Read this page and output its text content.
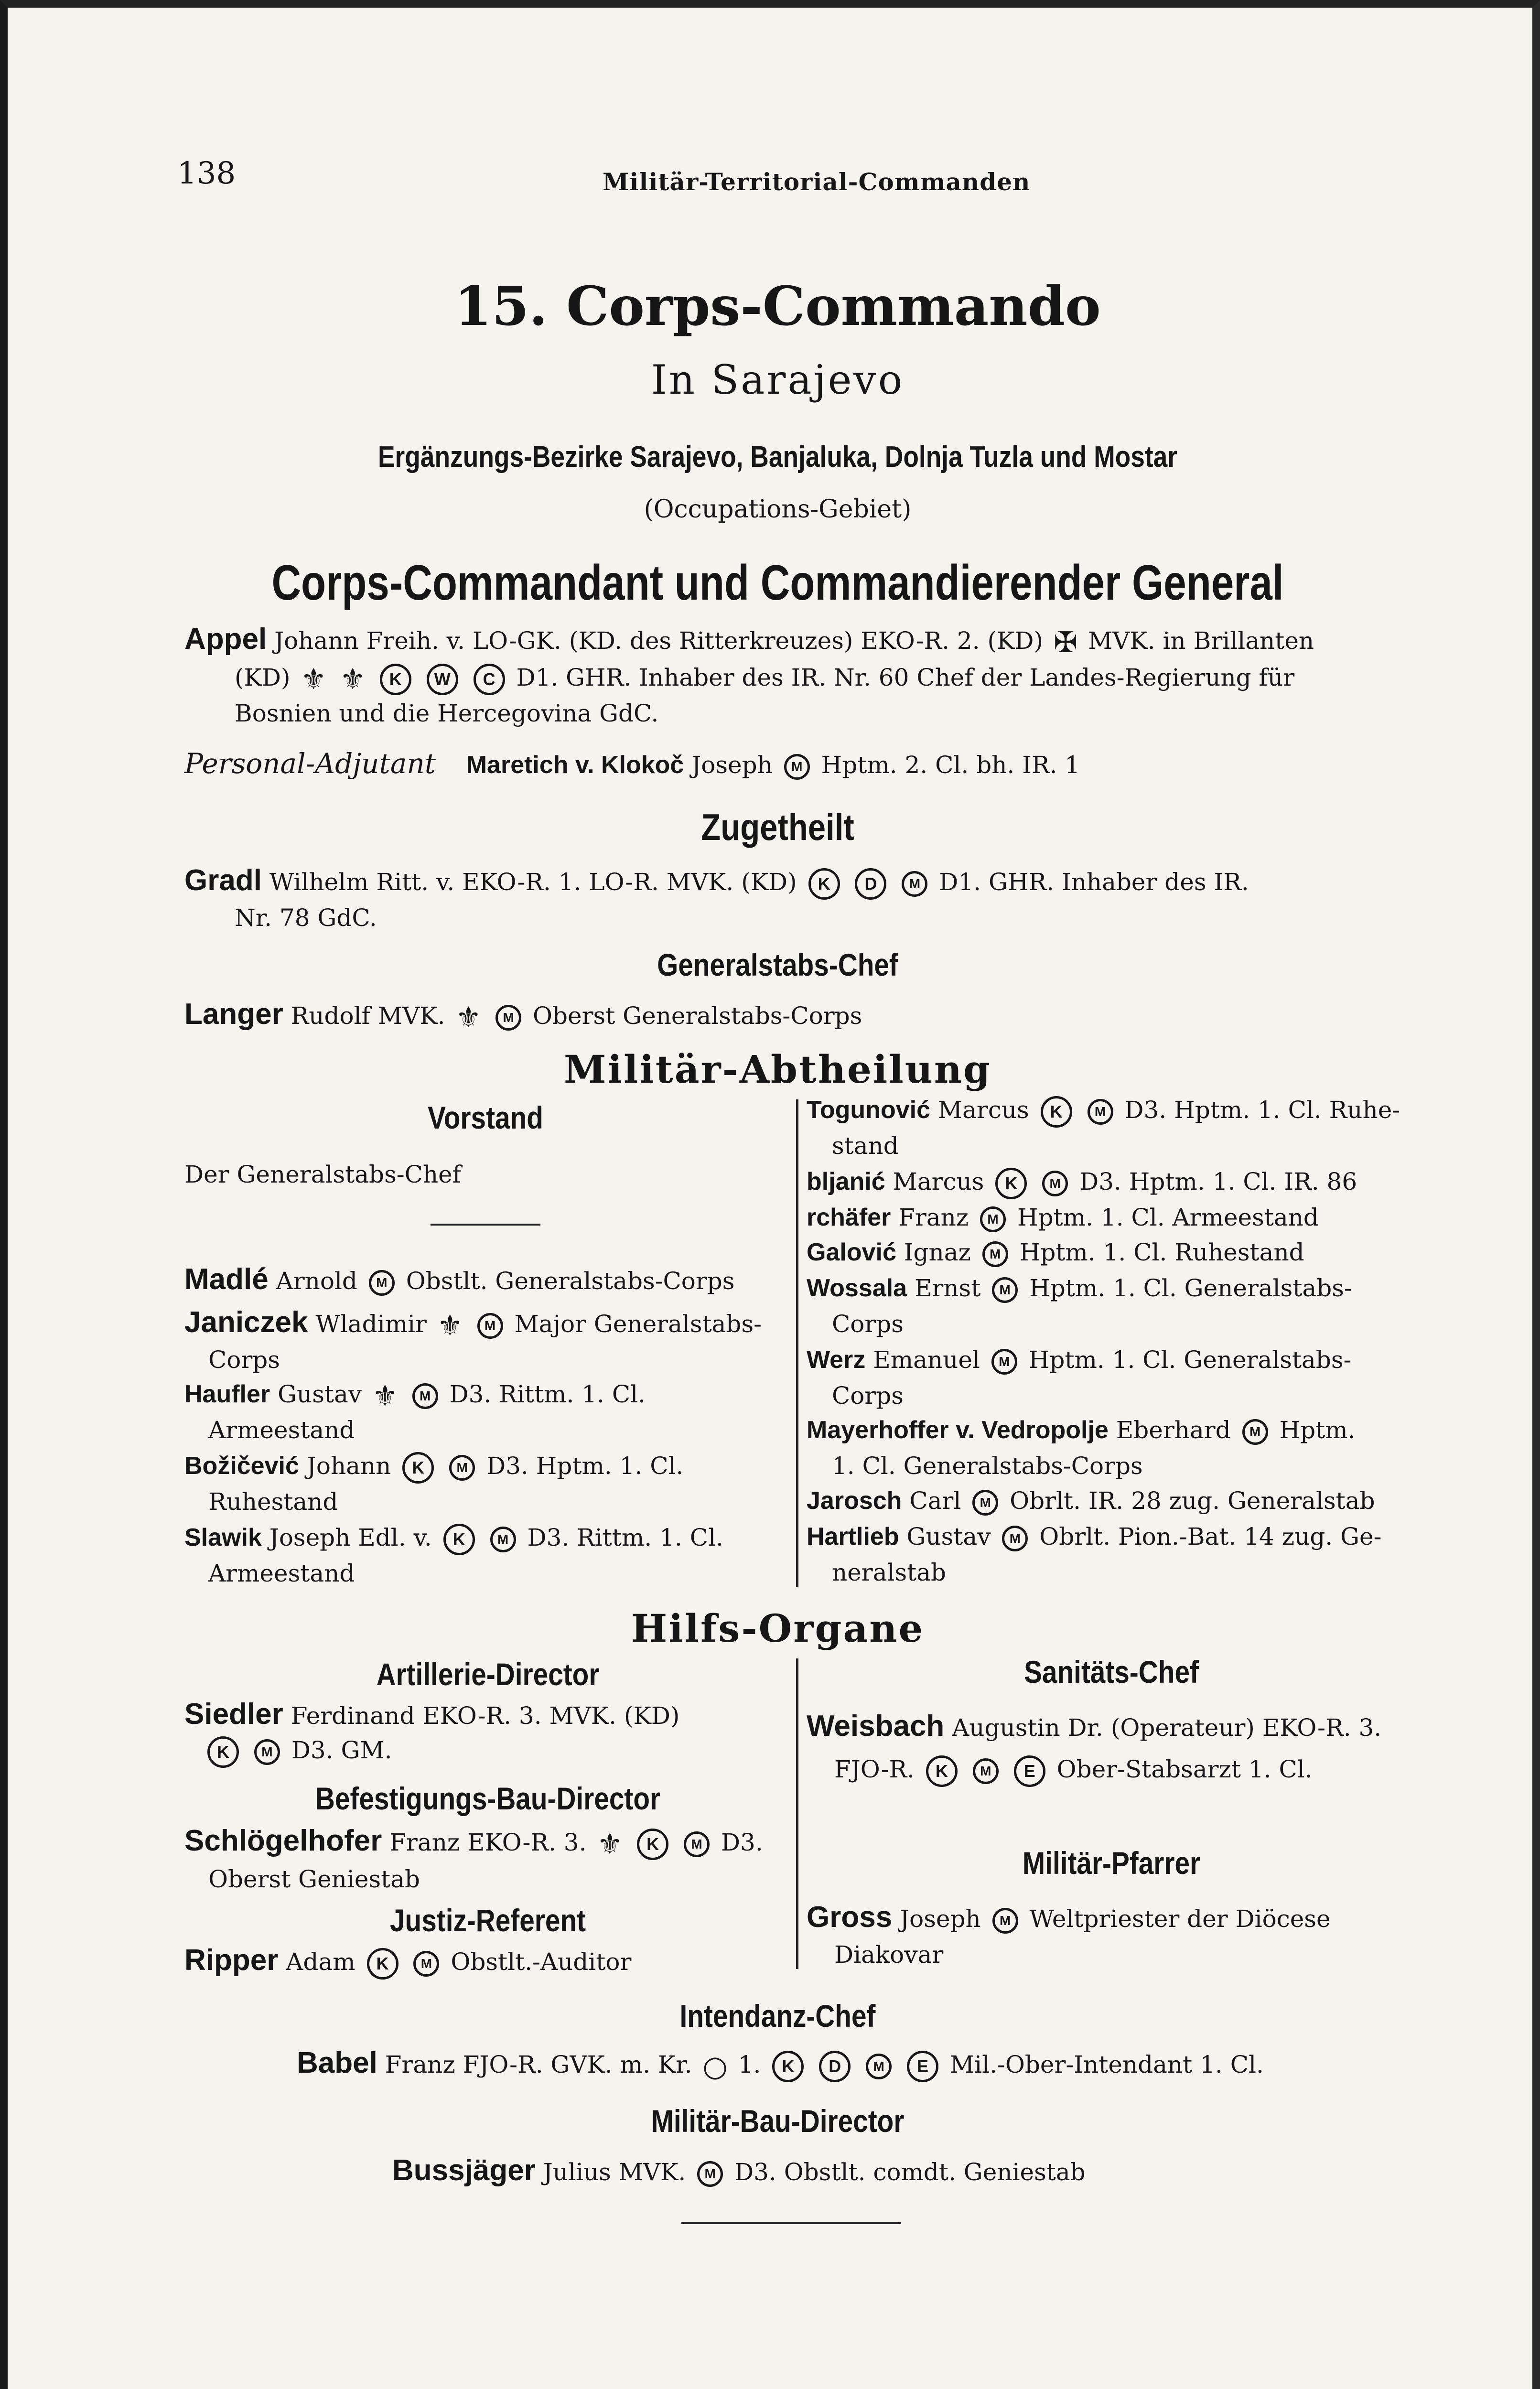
138	Militär-Territorial-Commanden
15. Corps-Commando
In Sarajevo
Ergänzungs-Bezirke Sarajevo, Banjaluka, Dolnja Tuzla und Mostar
(Occupations-Gebiet)
Corps-Commandant und Commandierender General
Appel Johann Freih. v. LO-GK. (KD. des Ritterkreuzes) EKO-R. 2. (KD) ✠ MVK. in Brillanten
(KD) ⚜ ⚜ K W C D1. GHR. Inhaber des IR. Nr. 60 Chef der Landes-Regierung für
Bosnien und die Hercegovina GdC.
Personal-Adjutant Maretich v. Klokoč Joseph M Hptm. 2. Cl. bh. IR. 1
Zugetheilt
Gradl Wilhelm Ritt. v. EKO-R. 1. LO-R. MVK. (KD) K D M D1. GHR. Inhaber des IR.
Nr. 78 GdC.
Generalstabs-Chef
Langer Rudolf MVK. ⚜ M Oberst Generalstabs-Corps
Militär-Abtheilung
Vorstand
Der Generalstabs-Chef
Madlé Arnold M Obstlt. Generalstabs-Corps
Janiczek Wladimir ⚜ M Major Generalstabs-
Corps
Haufler Gustav ⚜ M D3. Rittm. 1. Cl.
Armeestand
Božičević Johann K M D3. Hptm. 1. Cl.
Ruhestand
Slawik Joseph Edl. v. K M D3. Rittm. 1. Cl.
Armeestand
Togunović Marcus K M D3. Hptm. 1. Cl. Ruhe-
stand
bljanić Marcus K M D3. Hptm. 1. Cl. IR. 86
rchäfer Franz M Hptm. 1. Cl. Armeestand
Galović Ignaz M Hptm. 1. Cl. Ruhestand
Wossala Ernst M Hptm. 1. Cl. Generalstabs-
Corps
Werz Emanuel M Hptm. 1. Cl. Generalstabs-
Corps
Mayerhoffer v. Vedropolje Eberhard M Hptm.
1. Cl. Generalstabs-Corps
Jarosch Carl M Obrlt. IR. 28 zug. Generalstab
Hartlieb Gustav M Obrlt. Pion.-Bat. 14 zug. Ge-
neralstab
Hilfs-Organe
Artillerie-Director
Siedler Ferdinand EKO-R. 3. MVK. (KD)
K M D3. GM.
Befestigungs-Bau-Director
Schlögelhofer Franz EKO-R. 3. ⚜ K M D3.
Oberst Geniestab
Justiz-Referent
Ripper Adam K M Obstlt.-Auditor
Sanitäts-Chef
Weisbach Augustin Dr. (Operateur) EKO-R. 3.
FJO-R. K M E Ober-Stabsarzt 1. Cl.
Militär-Pfarrer
Gross Joseph M Weltpriester der Diöcese
Diakovar
Intendanz-Chef
Babel Franz FJO-R. GVK. m. Kr. ○ 1. K D M E Mil.-Ober-Intendant 1. Cl.
Militär-Bau-Director
Bussjäger Julius MVK. M D3. Obstlt. comdt. Geniestab
